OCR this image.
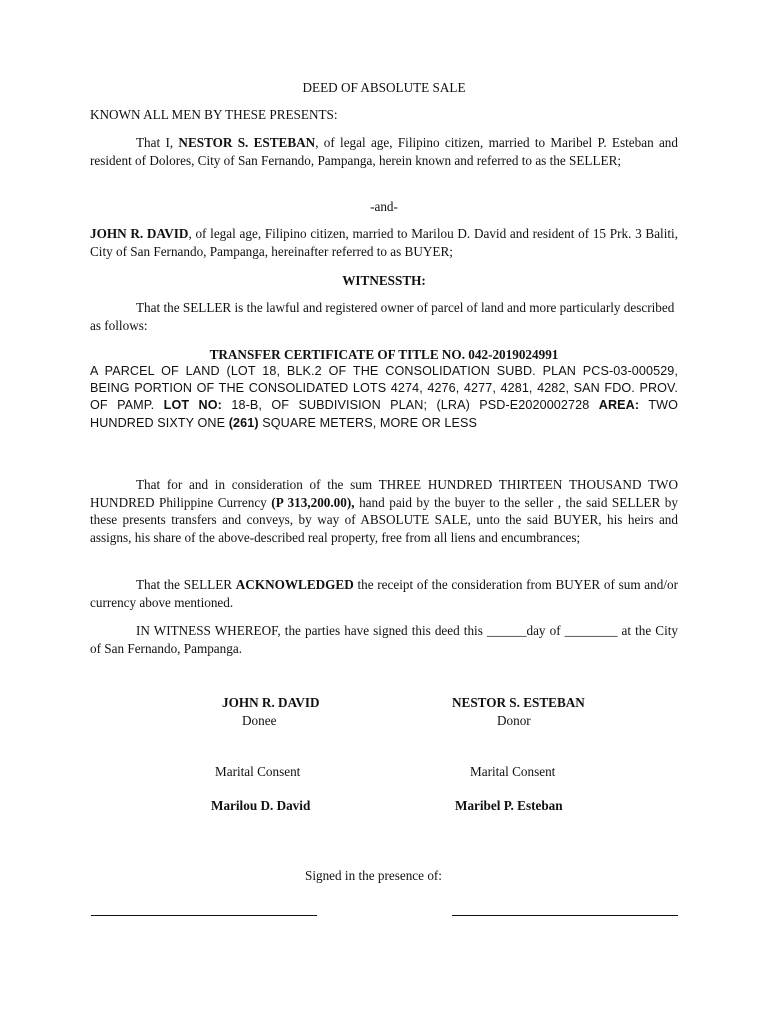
DEED OF ABSOLUTE SALE

KNOWN ALL MEN BY THESE PRESENTS:

That I, NESTOR S. ESTEBAN, of legal age, Filipino citizen, married to Maribel P. Esteban and resident of Dolores, City of San Fernando, Pampanga, herein known and referred to as the SELLER;

-and-

JOHN R. DAVID, of legal age, Filipino citizen, married to Marilou D. David and resident of 15 Prk. 3 Baliti, City of San Fernando, Pampanga, hereinafter referred to as BUYER;

WITNESSTH:

That the SELLER is the lawful and registered owner of parcel of land and more particularly described as follows:

TRANSFER CERTIFICATE OF TITLE NO. 042-2019024991

A PARCEL OF LAND (LOT 18, BLK.2 OF THE CONSOLIDATION SUBD. PLAN PCS-03-000529, BEING PORTION OF THE CONSOLIDATED LOTS 4274, 4276, 4277, 4281, 4282, SAN FDO. PROV. OF PAMP. LOT NO: 18-B, OF SUBDIVISION PLAN; (LRA) PSD-E2020002728 AREA: TWO HUNDRED SIXTY ONE (261) SQUARE METERS, MORE OR LESS

That for and in consideration of the sum THREE HUNDRED THIRTEEN THOUSAND TWO HUNDRED Philippine Currency (P 313,200.00), hand paid by the buyer to the seller , the said SELLER by these presents transfers and conveys, by way of ABSOLUTE SALE, unto the said BUYER, his heirs and assigns, his share of the above-described real property, free from all liens and encumbrances;

That the SELLER ACKNOWLEDGED the receipt of the consideration from BUYER of sum and/or currency above mentioned.

IN WITNESS WHEREOF, the parties have signed this deed this ______day of ________ at the City of San Fernando, Pampanga.

JOHN R. DAVID
Donee
NESTOR S. ESTEBAN
Donor
Marital Consent	Marital Consent
Marilou D. David	Maribel P. Esteban
Signed in the presence of:
